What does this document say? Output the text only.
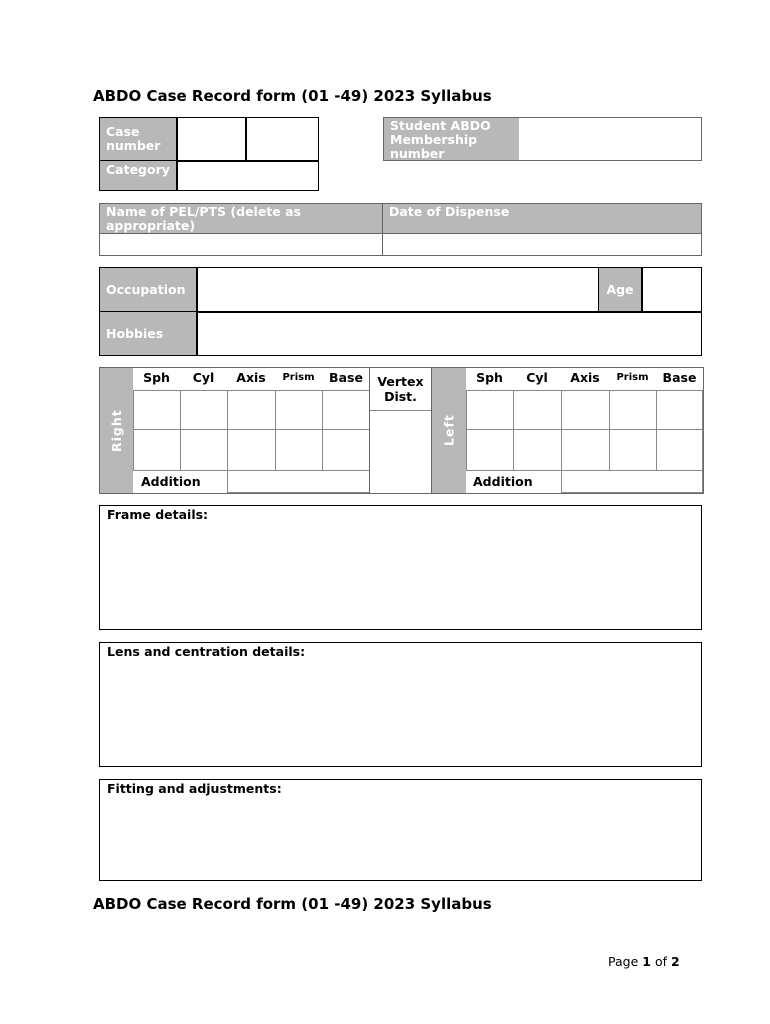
ABDO Case Record form (01 -49) 2023 Syllabus
Case number
Category
Student ABDO Membership number
Name of PEL/PTS (delete as appropriate)
Date of Dispense
Occupation	Age
Hobbies
Right
Sph	Cyl	Axis	Prism	Base
Addition
Vertex Dist.
Left
Sph	Cyl	Axis	Prism	Base
Addition
Frame details:
Lens and centration details:
Fitting and adjustments:
ABDO Case Record form (01 -49) 2023 Syllabus
Page 1 of 2
